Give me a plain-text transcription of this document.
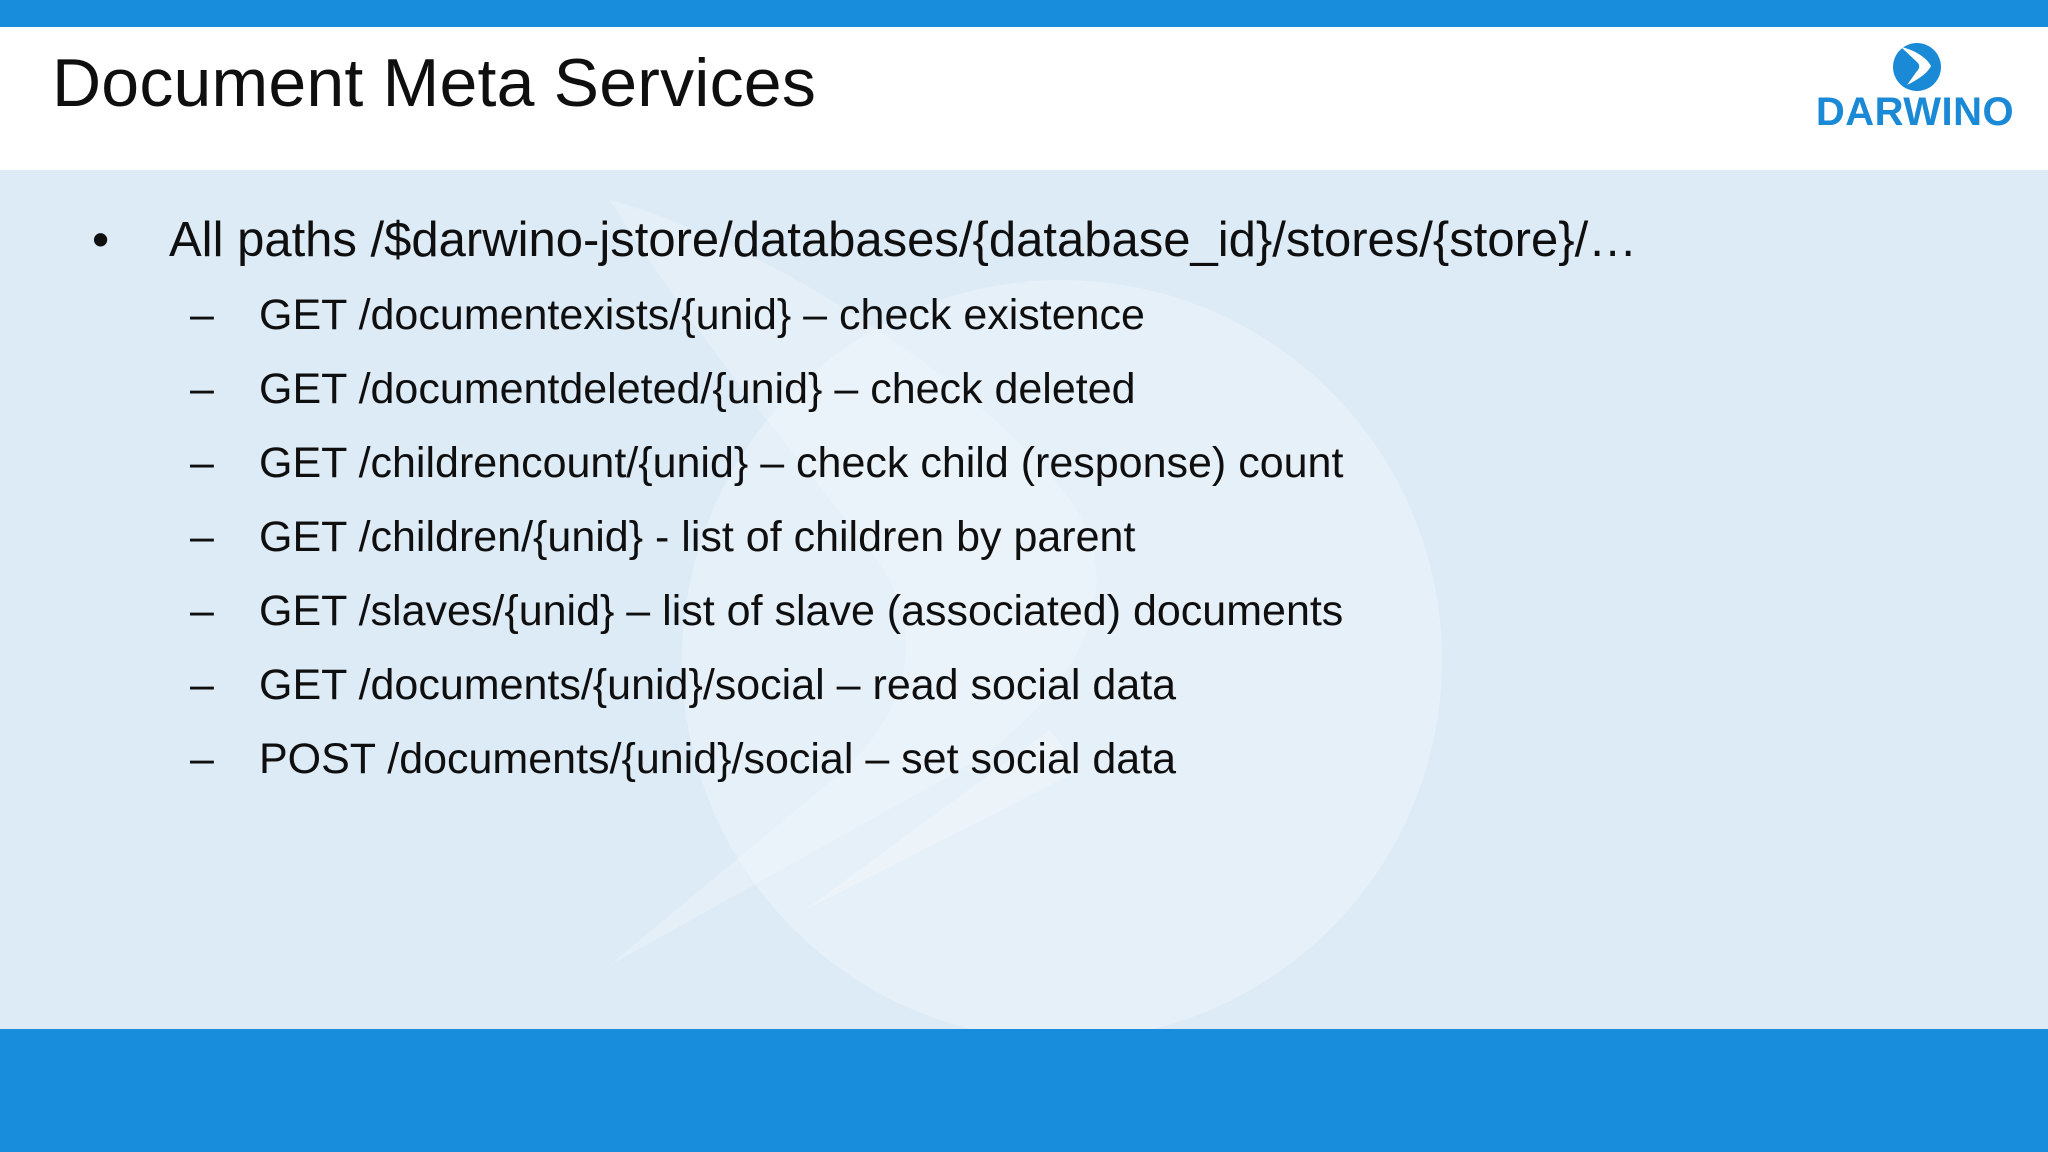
Document Meta Services	DARWINO
• All paths /$darwino-jstore/databases/{database_id}/stores/{store}/…
– GET /documentexists/{unid} – check existence
– GET /documentdeleted/{unid} – check deleted
– GET /childrencount/{unid} – check child (response) count
– GET /children/{unid} - list of children by parent
– GET /slaves/{unid} – list of slave (associated) documents
– GET /documents/{unid}/social – read social data
– POST /documents/{unid}/social – set social data
